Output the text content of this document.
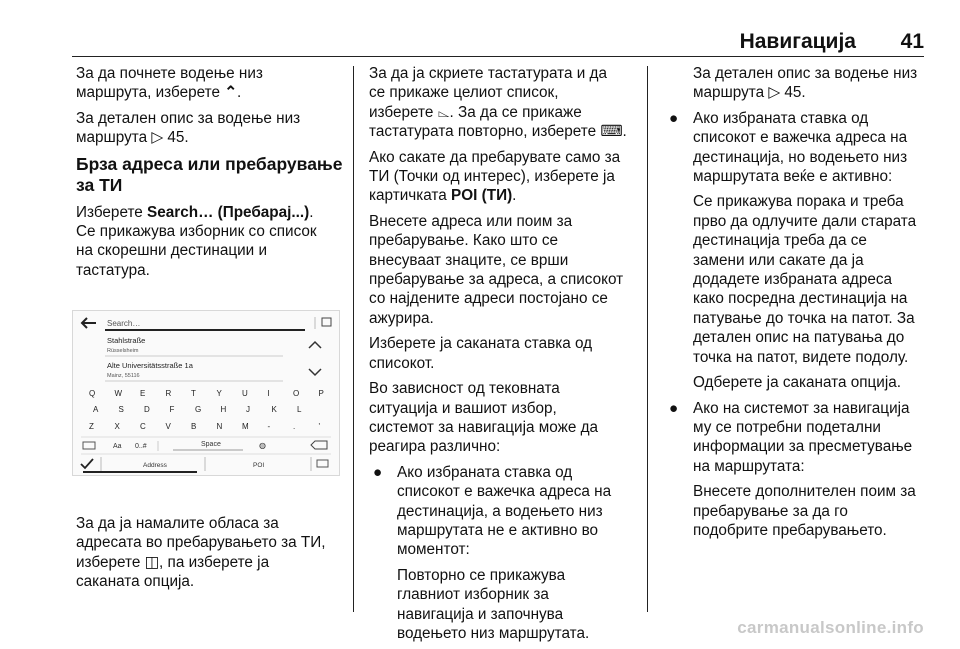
Навигација 41

За да почнете водење низ
маршрута, изберете ⌃.

За детален опис за водење низ
маршрута ▷ 45.

Брза адреса или пребарување
за ТИ

Изберете Search… (Пребарај...).
Се прикажува изборник со список
на скорешни дестинации и
тастатура.

Search…
Stahlstraße
Rüsselsheim
Alte Universitätsstraße 1a
Mainz, 55116
Q W E	R T	Y	U I	O P
A	S	D F	G H J	K	L
Z	X	C V	B	N M -	.	'
Aa 0..#	Space	◍
Address	POI

За да ја намалите обласа за
адресата во пребарувањето за ТИ,
изберете ◫, па изберете ја
саканата опција.

За да ја скриете тастатурата и да
се прикаже целиот список,
изберете ⌳. За да се прикаже
тастатурата повторно, изберете ⌨.

Ако сакате да пребарувате само за
ТИ (Точки од интерес), изберете ја
картичката POI (ТИ).

Внесете адреса или поим за
пребарување. Како што се
внесуваат знаците, се врши
пребарување за адреса, а списокот
со најдените адреси постојано се
ажурира.

Изберете ја саканата ставка од
списокот.

Во зависност од тековната
ситуација и вашиот избор,
системот за навигација може да
реагира различно:

● Ако избраната ставка од
списокот е важечка адреса на
дестинација, а водењето низ
маршрутата не е активно во
моментот:
Повторно се прикажува
главниот изборник за
навигација и започнува
водењето низ маршрутата.

За детален опис за водење низ
маршрута ▷ 45.

● Ако избраната ставка од
списокот е важечка адреса на
дестинација, но водењето низ
маршрутата веќе е активно:
Се прикажува порака и треба
прво да одлучите дали старата
дестинација треба да се
замени или сакате да ја
додадете избраната адреса
како посредна дестинација на
патување до точка на патот. За
детален опис на патувања до
точка на патот, видете подолу.
Одберете ја саканата опција.
● Ако на системот за навигација
му се потребни подетални
информации за пресметување
на маршрутата:
Внесете дополнителен поим за
пребарување за да го
подобрите пребарувањето.
carmanualsonline.info
